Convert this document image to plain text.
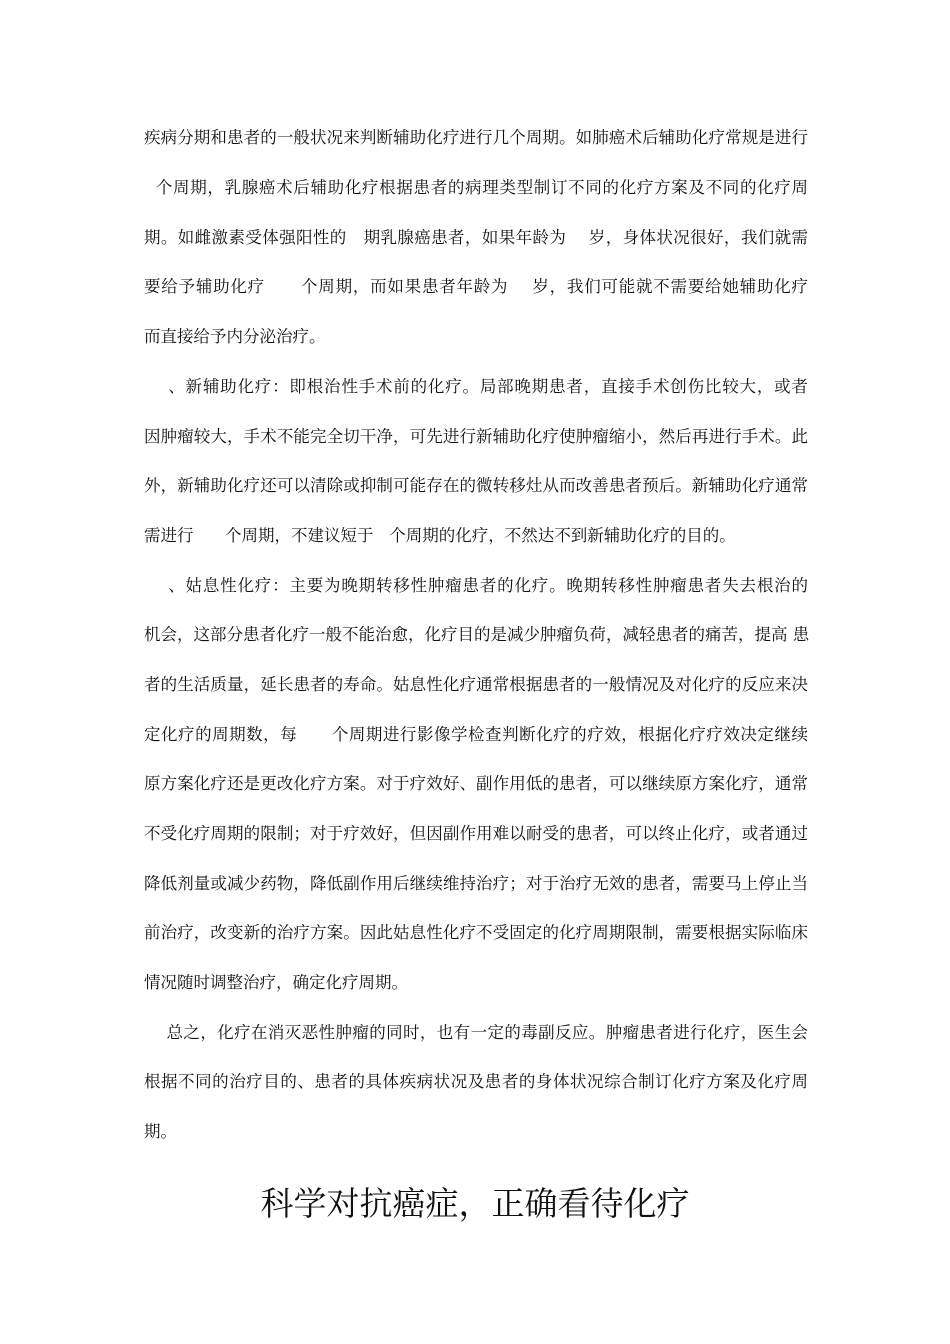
疾病分期和患者的一般状况来判断辅助化疗进行几个周期。如肺癌术后辅助化疗常规是进行
个周期，乳腺癌术后辅助化疗根据患者的病理类型制订不同的化疗方案及不同的化疗周
期。如雌激素受体强阳性的   期乳腺癌患者，如果年龄为    岁，身体状况很好，我们就需
要给予辅助化疗      个周期，而如果患者年龄为    岁，我们可能就不需要给她辅助化疗
而直接给予内分泌治疗。
、新辅助化疗：即根治性手术前的化疗。局部晚期患者，直接手术创伤比较大，或者
因肿瘤较大，手术不能完全切干净，可先进行新辅助化疗使肿瘤缩小，然后再进行手术。此
外，新辅助化疗还可以清除或抑制可能存在的微转移灶从而改善患者预后。新辅助化疗通常
需进行      个周期，不建议短于   个周期的化疗，不然达不到新辅助化疗的目的。
、姑息性化疗：主要为晚期转移性肿瘤患者的化疗。晚期转移性肿瘤患者失去根治的
机会，这部分患者化疗一般不能治愈，化疗目的是减少肿瘤负荷，减轻患者的痛苦，提高 患
者的生活质量，延长患者的寿命。姑息性化疗通常根据患者的一般情况及对化疗的反应来决
定化疗的周期数，每      个周期进行影像学检查判断化疗的疗效，根据化疗疗效决定继续
原方案化疗还是更改化疗方案。对于疗效好、副作用低的患者，可以继续原方案化疗，通常
不受化疗周期的限制；对于疗效好，但因副作用难以耐受的患者，可以终止化疗，或者通过
降低剂量或减少药物，降低副作用后继续维持治疗；对于治疗无效的患者，需要马上停止当
前治疗，改变新的治疗方案。因此姑息性化疗不受固定的化疗周期限制，需要根据实际临床
情况随时调整治疗，确定化疗周期。
总之，化疗在消灭恶性肿瘤的同时，也有一定的毒副反应。肿瘤患者进行化疗，医生会
根据不同的治疗目的、患者的具体疾病状况及患者的身体状况综合制订化疗方案及化疗周
期。
科学对抗癌症，正确看待化疗
